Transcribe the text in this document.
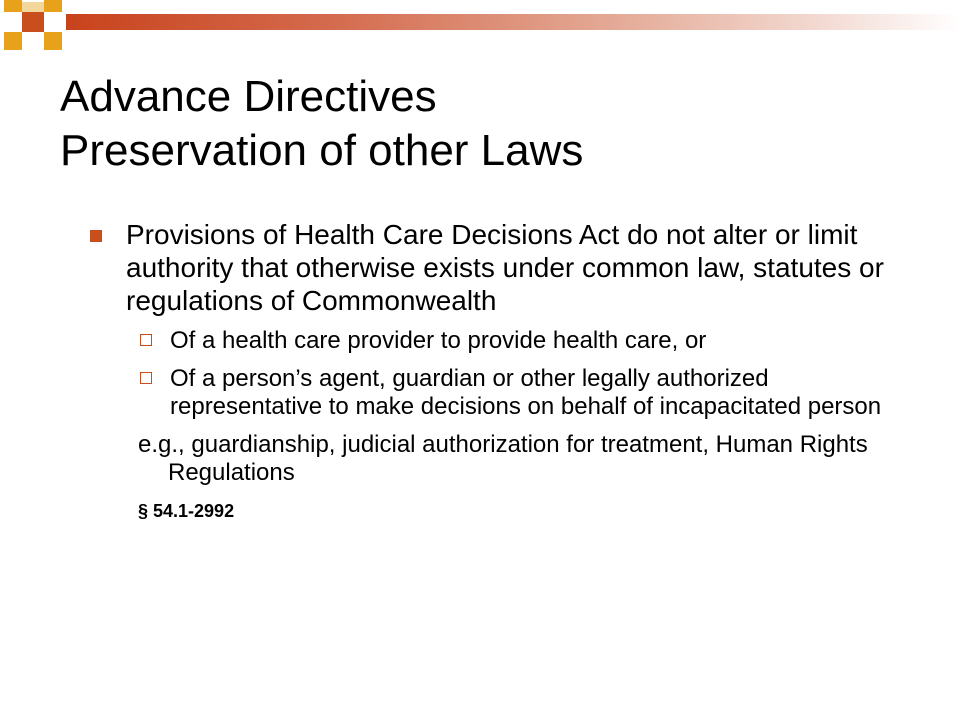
Advance Directives
Preservation of other Laws
Provisions of Health Care Decisions Act do not alter or limit authority that otherwise exists under common law, statutes or regulations of Commonwealth
Of a health care provider to provide health care, or
Of a person’s agent, guardian or other legally authorized representative to make decisions on behalf of incapacitated person
e.g., guardianship, judicial authorization for treatment, Human Rights Regulations
§ 54.1-2992
